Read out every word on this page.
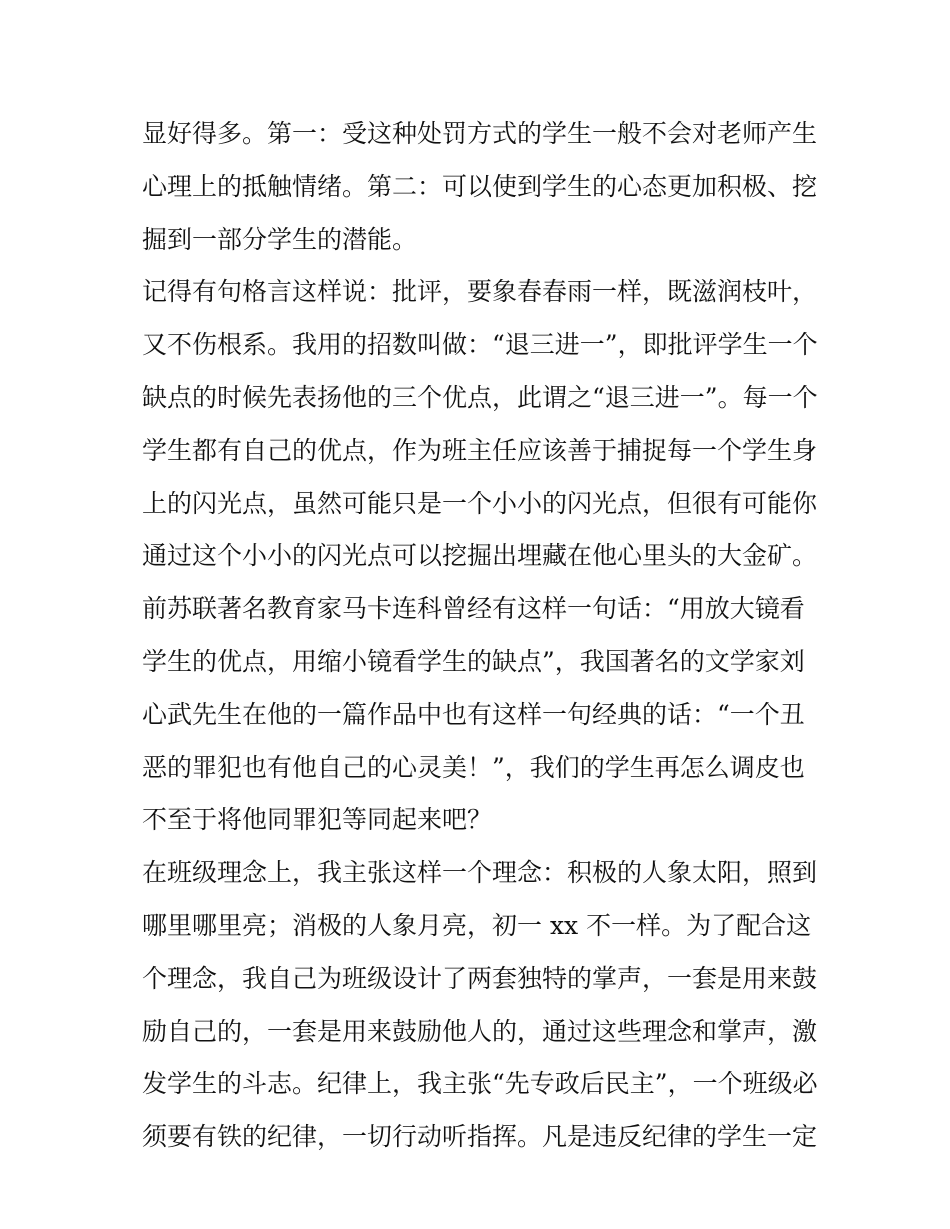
显好得多。第一：受这种处罚方式的学生一般不会对老师产生
心理上的抵触情绪。第二：可以使到学生的心态更加积极、挖
掘到一部分学生的潜能。
记得有句格言这样说：批评，要象春春雨一样，既滋润枝叶，
又不伤根系。我用的招数叫做：“退三进一”，即批评学生一个
缺点的时候先表扬他的三个优点，此谓之“退三进一”。每一个
学生都有自己的优点，作为班主任应该善于捕捉每一个学生身
上的闪光点，虽然可能只是一个小小的闪光点，但很有可能你
通过这个小小的闪光点可以挖掘出埋藏在他心里头的大金矿。
前苏联著名教育家马卡连科曾经有这样一句话：“用放大镜看
学生的优点，用缩小镜看学生的缺点”，我国著名的文学家刘
心武先生在他的一篇作品中也有这样一句经典的话：“一个丑
恶的罪犯也有他自己的心灵美！”，我们的学生再怎么调皮也
不至于将他同罪犯等同起来吧？
在班级理念上，我主张这样一个理念：积极的人象太阳，照到
哪里哪里亮；消极的人象月亮，初一 xx 不一样。为了配合这
个理念，我自己为班级设计了两套独特的掌声，一套是用来鼓
励自己的，一套是用来鼓励他人的，通过这些理念和掌声，激
发学生的斗志。纪律上，我主张“先专政后民主”，一个班级必
须要有铁的纪律，一切行动听指挥。凡是违反纪律的学生一定
